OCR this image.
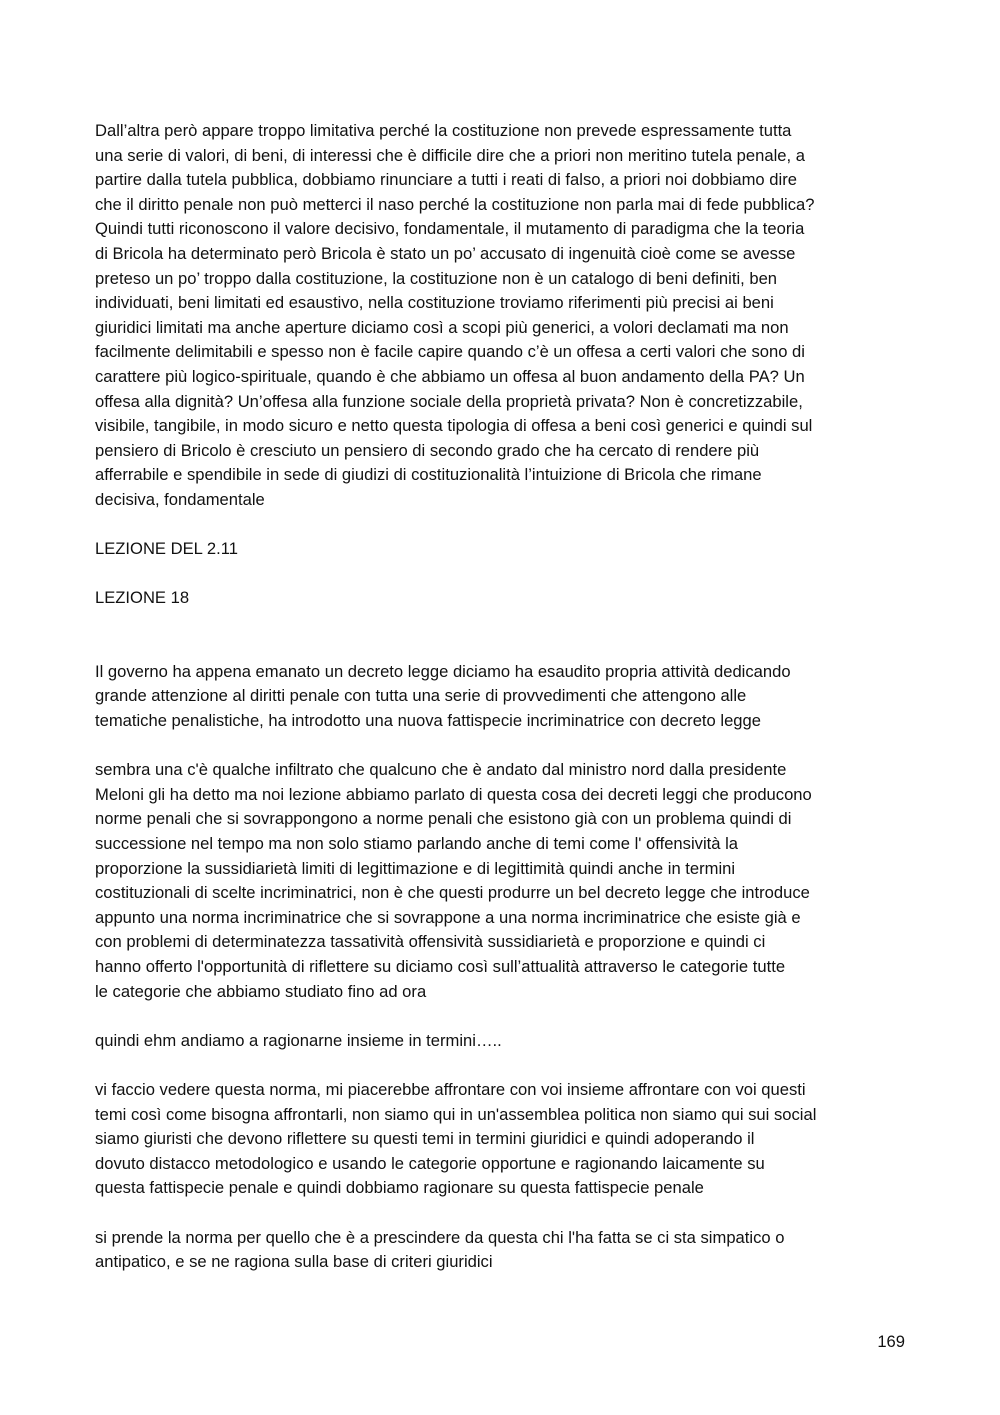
Dall’altra però appare troppo limitativa perché la costituzione non prevede espressamente tutta
una serie di valori, di beni, di interessi che è difficile dire che a priori non meritino tutela penale, a
partire dalla tutela pubblica, dobbiamo rinunciare a tutti i reati di falso, a priori noi dobbiamo dire
che il diritto penale non può metterci il naso perché la costituzione non parla mai di fede pubblica?
Quindi tutti riconoscono il valore decisivo, fondamentale, il mutamento di paradigma che la teoria
di Bricola ha determinato però Bricola è stato un po’ accusato di ingenuità cioè come se avesse
preteso un po’ troppo dalla costituzione, la costituzione non è un catalogo di beni definiti, ben
individuati, beni limitati ed esaustivo, nella costituzione troviamo riferimenti più precisi ai beni
giuridici limitati ma anche aperture diciamo così a scopi più generici, a volori declamati ma non
facilmente delimitabili e spesso non è facile capire quando c’è un offesa a certi valori che sono di
carattere più logico-spirituale, quando è che abbiamo un offesa al buon andamento della PA? Un
offesa alla dignità? Un’offesa alla funzione sociale della proprietà privata? Non è concretizzabile,
visibile, tangibile, in modo sicuro e netto questa tipologia di offesa a beni così generici e quindi sul
pensiero di Bricolo è cresciuto un pensiero di secondo grado che ha cercato di rendere più
afferrabile e spendibile in sede di giudizi di costituzionalità l’intuizione di Bricola che rimane
decisiva, fondamentale

LEZIONE DEL 2.11

LEZIONE 18

Il governo ha appena emanato un decreto legge diciamo ha esaudito propria attività dedicando
grande attenzione al diritti penale con tutta una serie di provvedimenti che attengono alle
tematiche penalistiche, ha introdotto una nuova fattispecie incriminatrice con decreto legge

sembra una c'è qualche infiltrato che qualcuno che è andato dal ministro nord dalla presidente
Meloni gli ha detto ma noi lezione abbiamo parlato di questa cosa dei decreti leggi che producono
norme penali che si sovrappongono a norme penali che esistono già con un problema quindi di
successione nel tempo ma non solo stiamo parlando anche di temi come l' offensività la
proporzione la sussidiarietà limiti di legittimazione e di legittimità quindi anche in termini
costituzionali di scelte incriminatrici, non è che questi produrre un bel decreto legge che introduce
appunto una norma incriminatrice che si sovrappone a una norma incriminatrice che esiste già e
con problemi di determinatezza tassatività offensività sussidiarietà e proporzione e quindi ci
hanno offerto l'opportunità di riflettere su diciamo così sull’attualità attraverso le categorie tutte
le categorie che abbiamo studiato fino ad ora

quindi ehm andiamo a ragionarne insieme in termini…..

vi faccio vedere questa norma, mi piacerebbe affrontare con voi insieme affrontare con voi questi
temi così come bisogna affrontarli, non siamo qui in un'assemblea politica non siamo qui sui social
siamo giuristi che devono riflettere su questi temi in termini giuridici e quindi adoperando il
dovuto distacco metodologico e usando le categorie opportune e ragionando laicamente su
questa fattispecie penale e quindi dobbiamo ragionare su questa fattispecie penale

si prende la norma per quello che è a prescindere da questa chi l'ha fatta se ci sta simpatico o
antipatico, e se ne ragiona sulla base di criteri giuridici

169
